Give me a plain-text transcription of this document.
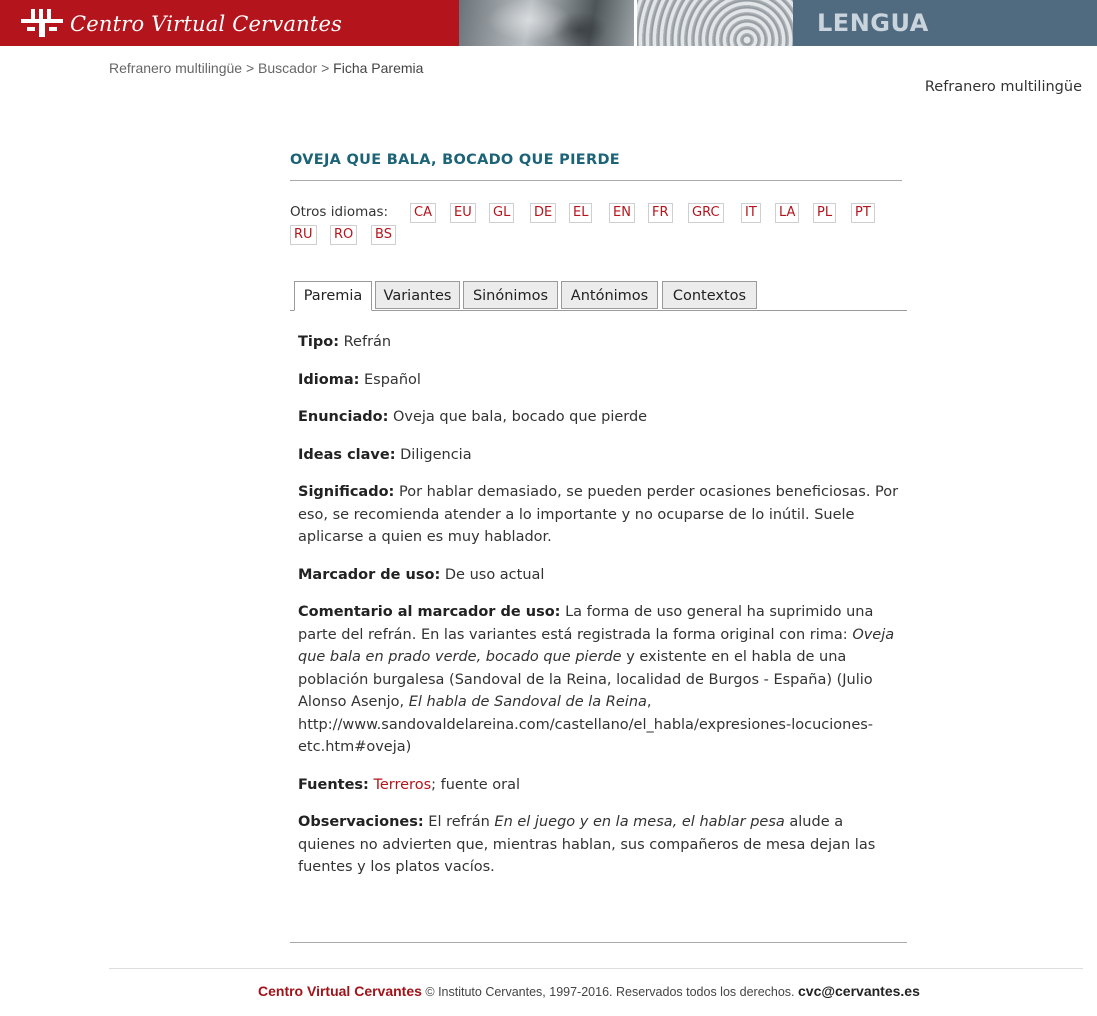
Centro Virtual Cervantes	LENGUA
Refranero multilingüe > Buscador > Ficha Paremia
Refranero multilingüe
OVEJA QUE BALA, BOCADO QUE PIERDE
Otros idiomas:	CA	EU	GL	DE	EL	EN	FR	GRC	IT	LA	PL	PT
RU	RO	BS
Paremia	Variantes	Sinónimos	Antónimos	Contextos

Tipo: Refrán

Idioma: Español

Enunciado: Oveja que bala, bocado que pierde

Ideas clave: Diligencia

Significado: Por hablar demasiado, se pueden perder ocasiones beneficiosas. Por eso, se recomienda atender a lo importante y no ocuparse de lo inútil. Suele aplicarse a quien es muy hablador.

Marcador de uso: De uso actual

Comentario al marcador de uso: La forma de uso general ha suprimido una parte del refrán. En las variantes está registrada la forma original con rima: Oveja que bala en prado verde, bocado que pierde y existente en el habla de una población burgalesa (Sandoval de la Reina, localidad de Burgos - España) (Julio Alonso Asenjo, El habla de Sandoval de la Reina, http://www.sandovaldelareina.com/castellano/el_habla/expresiones-locuciones-etc.htm#oveja)

Fuentes: Terreros; fuente oral

Observaciones: El refrán En el juego y en la mesa, el hablar pesa alude a quienes no advierten que, mientras hablan, sus compañeros de mesa dejan las fuentes y los platos vacíos.

Centro Virtual Cervantes © Instituto Cervantes, 1997-2016. Reservados todos los derechos. cvc@cervantes.es
